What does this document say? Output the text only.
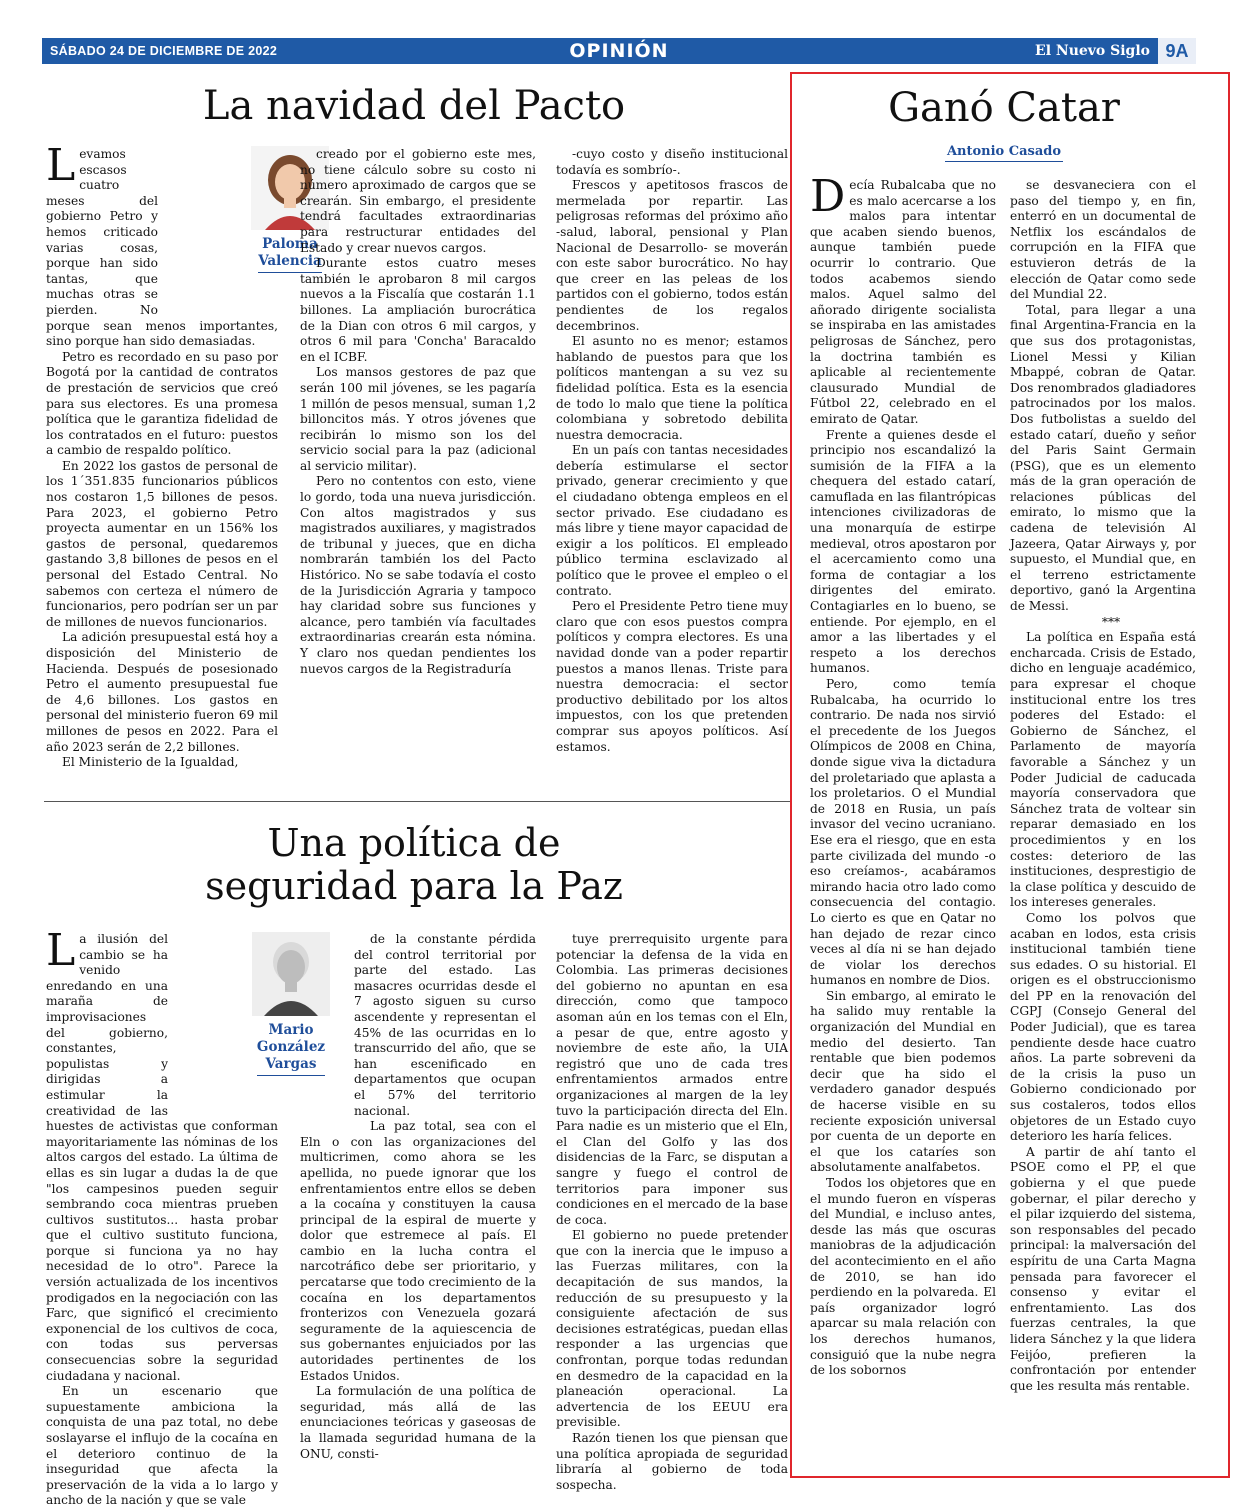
SÁBADO 24 DE DICIEMBRE DE 2022	OPINIÓN	El Nuevo Siglo 9A
La navidad del Pacto

Levamos escasos cuatro meses del gobierno Petro y hemos criticado varias cosas, porque han sido tantas, que muchas otras se pierden. No porque sean menos importantes, sino porque han sido demasiadas.

Petro es recordado en su paso por Bogotá por la cantidad de contratos de prestación de servicios que creó para sus electores. Es una promesa política que le garantiza fidelidad de los contratados en el futuro: puestos a cambio de respaldo político.

En 2022 los gastos de personal de los 1´351.835 funcionarios públicos nos costaron 1,5 billones de pesos. Para 2023, el gobierno Petro proyecta aumentar en un 156% los gastos de personal, quedaremos gastando 3,8 billones de pesos en el personal del Estado Central. No sabemos con certeza el número de funcionarios, pero podrían ser un par de millones de nuevos funcionarios.

La adición presupuestal está hoy a disposición del Ministerio de Hacienda. Después de posesionado Petro el aumento presupuestal fue de 4,6 billones. Los gastos en personal del ministerio fueron 69 mil millones de pesos en 2022. Para el año 2023 serán de 2,2 billones.

El Ministerio de la Igualdad,

Paloma
Valencia

creado por el gobierno este mes, no tiene cálculo sobre su costo ni número aproximado de cargos que se crearán. Sin embargo, el presidente tendrá facultades extraordinarias para restructurar entidades del Estado y crear nuevos cargos.

Durante estos cuatro meses también le aprobaron 8 mil cargos nuevos a la Fiscalía que costarán 1.1 billones. La ampliación burocrática de la Dian con otros 6 mil cargos, y otros 6 mil para 'Concha' Baracaldo en el ICBF.

Los mansos gestores de paz que serán 100 mil jóvenes, se les pagaría 1 millón de pesos mensual, suman 1,2 billoncitos más. Y otros jóvenes que recibirán lo mismo son los del servicio social para la paz (adicional al servicio militar).

Pero no contentos con esto, viene lo gordo, toda una nueva jurisdicción. Con altos magistrados y sus magistrados auxiliares, y magistrados de tribunal y jueces, que en dicha nombrarán también los del Pacto Histórico. No se sabe todavía el costo de la Jurisdicción Agraria y tampoco hay claridad sobre sus funciones y alcance, pero también vía facultades extraordinarias crearán esta nómina. Y claro nos quedan pendientes los nuevos cargos de la Registraduría

-cuyo costo y diseño institucional todavía es sombrío-.

Frescos y apetitosos frascos de mermelada por repartir. Las peligrosas reformas del próximo año -salud, laboral, pensional y Plan Nacional de Desarrollo- se moverán con este sabor burocrático. No hay que creer en las peleas de los partidos con el gobierno, todos están pendientes de los regalos decembrinos.

El asunto no es menor; estamos hablando de puestos para que los políticos mantengan a su vez su fidelidad política. Esta es la esencia de todo lo malo que tiene la política colombiana y sobretodo debilita nuestra democracia.

En un país con tantas necesidades debería estimularse el sector privado, generar crecimiento y que el ciudadano obtenga empleos en el sector privado. Ese ciudadano es más libre y tiene mayor capacidad de exigir a los políticos. El empleado público termina esclavizado al político que le provee el empleo o el contrato.

Pero el Presidente Petro tiene muy claro que con esos puestos compra políticos y compra electores. Es una navidad donde van a poder repartir puestos a manos llenas. Triste para nuestra democracia: el sector productivo debilitado por los altos impuestos, con los que pretenden comprar sus apoyos políticos. Así estamos.

Una política de
seguridad para la Paz

La ilusión del cambio se ha venido enredando en una maraña de improvisaciones del gobierno, constantes, populistas y dirigidas a estimular la creatividad de las huestes de activistas que conforman mayoritariamente las nóminas de los altos cargos del estado. La última de ellas es sin lugar a dudas la de que "los campesinos pueden seguir sembrando coca mientras prueben cultivos sustitutos... hasta probar que el cultivo sustituto funciona, porque si funciona ya no hay necesidad de lo otro". Parece la versión actualizada de los incentivos prodigados en la negociación con las Farc, que significó el crecimiento exponencial de los cultivos de coca, con todas sus perversas consecuencias sobre la seguridad ciudadana y nacional.

En un escenario que supuestamente ambiciona la conquista de una paz total, no debe soslayarse el influjo de la cocaína en el deterioro continuo de la inseguridad que afecta la preservación de la vida a lo largo y ancho de la nación y que se vale

Mario
González
Vargas

de la constante pérdida del control territorial por parte del estado. Las masacres ocurridas desde el 7 agosto siguen su curso ascendente y representan el 45% de las ocurridas en lo transcurrido del año, que se han escenificado en departamentos que ocupan el 57% del territorio nacional.

La paz total, sea con el Eln o con las organizaciones del multicrimen, como ahora se les apellida, no puede ignorar que los enfrentamientos entre ellos se deben a la cocaína y constituyen la causa principal de la espiral de muerte y dolor que estremece al país. El cambio en la lucha contra el narcotráfico debe ser prioritario, y percatarse que todo crecimiento de la cocaína en los departamentos fronterizos con Venezuela gozará seguramente de la aquiescencia de sus gobernantes enjuiciados por las autoridades pertinentes de los Estados Unidos.

La formulación de una política de seguridad, más allá de las enunciaciones teóricas y gaseosas de la llamada seguridad humana de la ONU, consti-

tuye prerrequisito urgente para potenciar la defensa de la vida en Colombia. Las primeras decisiones del gobierno no apuntan en esa dirección, como que tampoco asoman aún en los temas con el Eln, a pesar de que, entre agosto y noviembre de este año, la UIA registró que uno de cada tres enfrentamientos armados entre organizaciones al margen de la ley tuvo la participación directa del Eln. Para nadie es un misterio que el Eln, el Clan del Golfo y las dos disidencias de la Farc, se disputan a sangre y fuego el control de territorios para imponer sus condiciones en el mercado de la base de coca.

El gobierno no puede pretender que con la inercia que le impuso a las Fuerzas militares, con la decapitación de sus mandos, la reducción de su presupuesto y la consiguiente afectación de sus decisiones estratégicas, puedan ellas responder a las urgencias que confrontan, porque todas redundan en desmedro de la capacidad en la planeación operacional. La advertencia de los EEUU era previsible.

Razón tienen los que piensan que una política apropiada de seguridad libraría al gobierno de toda sospecha.

Ganó Catar
Antonio Casado

Decía Rubalcaba que no es malo acercarse a los malos para intentar que acaben siendo buenos, aunque también puede ocurrir lo contrario. Que todos acabemos siendo malos. Aquel salmo del añorado dirigente socialista se inspiraba en las amistades peligrosas de Sánchez, pero la doctrina también es aplicable al recientemente clausurado Mundial de Fútbol 22, celebrado en el emirato de Qatar.

Frente a quienes desde el principio nos escandalizó la sumisión de la FIFA a la chequera del estado catarí, camuflada en las filantrópicas intenciones civilizadoras de una monarquía de estirpe medieval, otros apostaron por el acercamiento como una forma de contagiar a los dirigentes del emirato. Contagiarles en lo bueno, se entiende. Por ejemplo, en el amor a las libertades y el respeto a los derechos humanos.

Pero, como temía Rubalcaba, ha ocurrido lo contrario. De nada nos sirvió el precedente de los Juegos Olímpicos de 2008 en China, donde sigue viva la dictadura del proletariado que aplasta a los proletarios. O el Mundial de 2018 en Rusia, un país invasor del vecino ucraniano. Ese era el riesgo, que en esta parte civilizada del mundo -o eso creíamos-, acabáramos mirando hacia otro lado como consecuencia del contagio. Lo cierto es que en Qatar no han dejado de rezar cinco veces al día ni se han dejado de violar los derechos humanos en nombre de Dios.

Sin embargo, al emirato le ha salido muy rentable la organización del Mundial en medio del desierto. Tan rentable que bien podemos decir que ha sido el verdadero ganador después de hacerse visible en su reciente exposición universal por cuenta de un deporte en el que los cataríes son absolutamente analfabetos.

Todos los objetores que en el mundo fueron en vísperas del Mundial, e incluso antes, desde las más que oscuras maniobras de la adjudicación del acontecimiento en el año de 2010, se han ido perdiendo en la polvareda. El país organizador logró aparcar su mala relación con los derechos humanos, consiguió que la nube negra de los sobornos

se desvaneciera con el paso del tiempo y, en fin, enterró en un documental de Netflix los escándalos de corrupción en la FIFA que estuvieron detrás de la elección de Qatar como sede del Mundial 22.

Total, para llegar a una final Argentina-Francia en la que sus dos protagonistas, Lionel Messi y Kilian Mbappé, cobran de Qatar. Dos renombrados gladiadores patrocinados por los malos. Dos futbolistas a sueldo del estado catarí, dueño y señor del Paris Saint Germain (PSG), que es un elemento más de la gran operación de relaciones públicas del emirato, lo mismo que la cadena de televisión Al Jazeera, Qatar Airways y, por supuesto, el Mundial que, en el terreno estrictamente deportivo, ganó la Argentina de Messi.

***

La política en España está encharcada. Crisis de Estado, dicho en lenguaje académico, para expresar el choque institucional entre los tres poderes del Estado: el Gobierno de Sánchez, el Parlamento de mayoría favorable a Sánchez y un Poder Judicial de caducada mayoría conservadora que Sánchez trata de voltear sin reparar demasiado en los procedimientos y en los costes: deterioro de las instituciones, desprestigio de la clase política y descuido de los intereses generales.

Como los polvos que acaban en lodos, esta crisis institucional también tiene sus edades. O su historial. El origen es el obstruccionismo del PP en la renovación del CGPJ (Consejo General del Poder Judicial), que es tarea pendiente desde hace cuatro años. La parte sobreveni da de la crisis la puso un Gobierno condicionado por sus costaleros, todos ellos objetores de un Estado cuyo deterioro les haría felices.

A partir de ahí tanto el PSOE como el PP, el que gobierna y el que puede gobernar, el pilar derecho y el pilar izquierdo del sistema, son responsables del pecado principal: la malversación del espíritu de una Carta Magna pensada para favorecer el consenso y evitar el enfrentamiento. Las dos fuerzas centrales, la que lidera Sánchez y la que lidera Feijóo, prefieren la confrontación por entender que les resulta más rentable.
